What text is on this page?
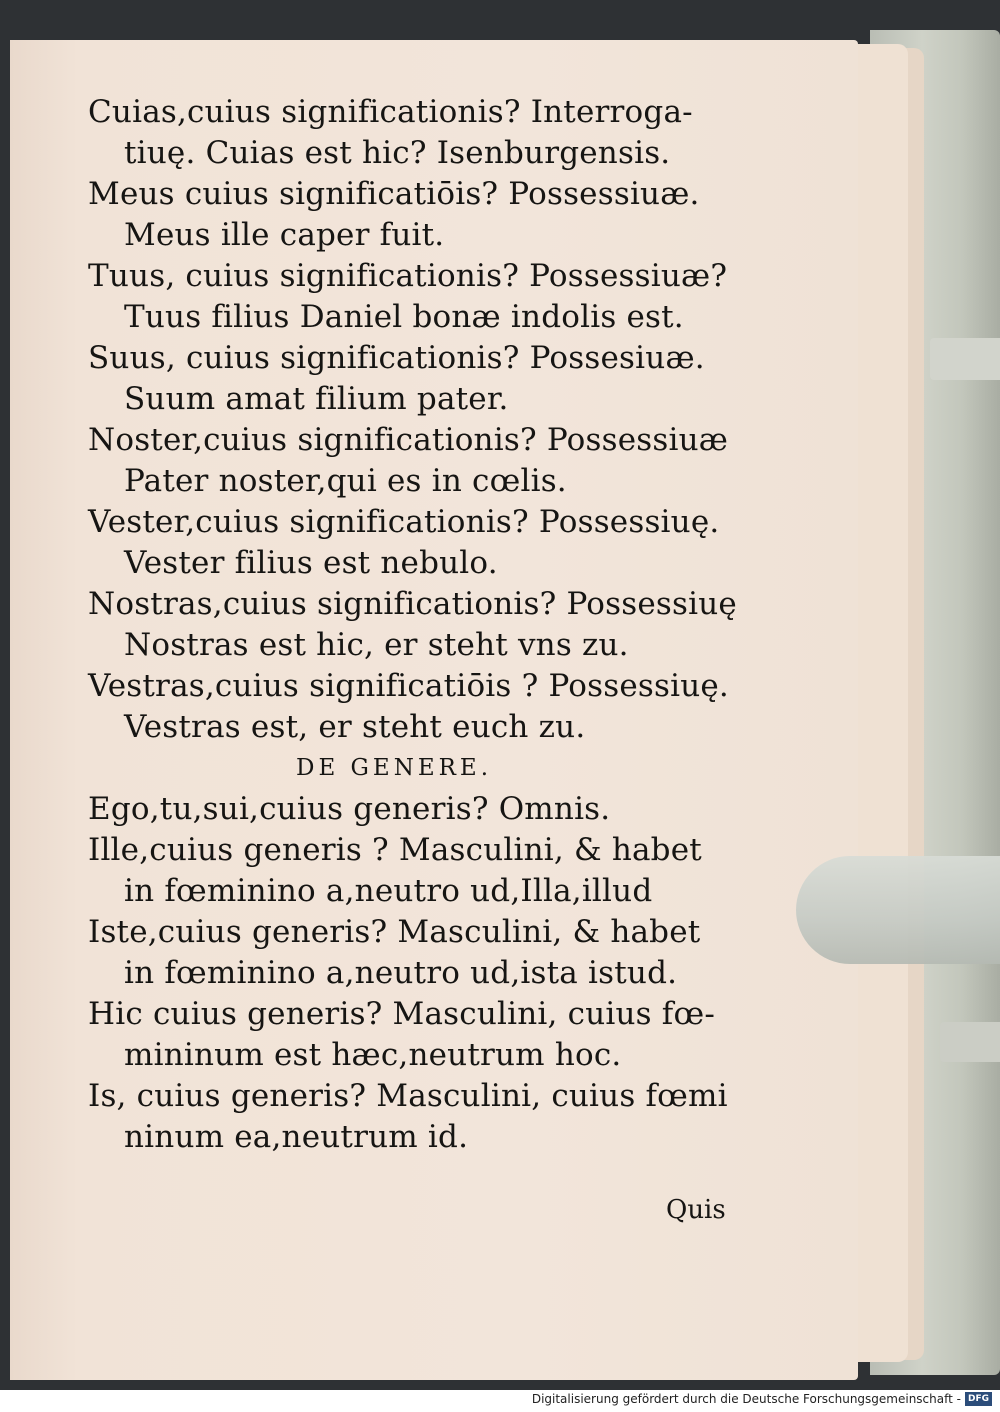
Cuias,cuius significationis? Interroga-
tiuę. Cuias est hic? Isenburgensis.
Meus cuius significatiōis? Possessiuæ.
Meus ille caper fuit.
Tuus, cuius significationis? Possessiuæ?
Tuus filius Daniel bonæ indolis est.
Suus, cuius significationis? Possesiuæ.
Suum amat filium pater.
Noster,cuius significationis? Possessiuæ
Pater noster,qui es in cœlis.
Vester,cuius significationis? Possessiuę.
Vester filius est nebulo.
Nostras,cuius significationis? Possessiuę
Nostras est hic, er steht vns zu.
Vestras,cuius significatiōis ? Possessiuę.
Vestras est, er steht euch zu.
DE GENERE.
Ego,tu,sui,cuius generis? Omnis.
Ille,cuius generis ? Masculini, & habet
in fœminino a,neutro ud,Illa,illud
Iste,cuius generis? Masculini, & habet
in fœminino a,neutro ud,ista istud.
Hic cuius generis? Masculini, cuius fœ-
mininum est hæc,neutrum hoc.
Is, cuius generis? Masculini, cuius fœmi
ninum ea,neutrum id.
Quis
Digitalisierung gefördert durch die Deutsche Forschungsgemeinschaft - DFG
